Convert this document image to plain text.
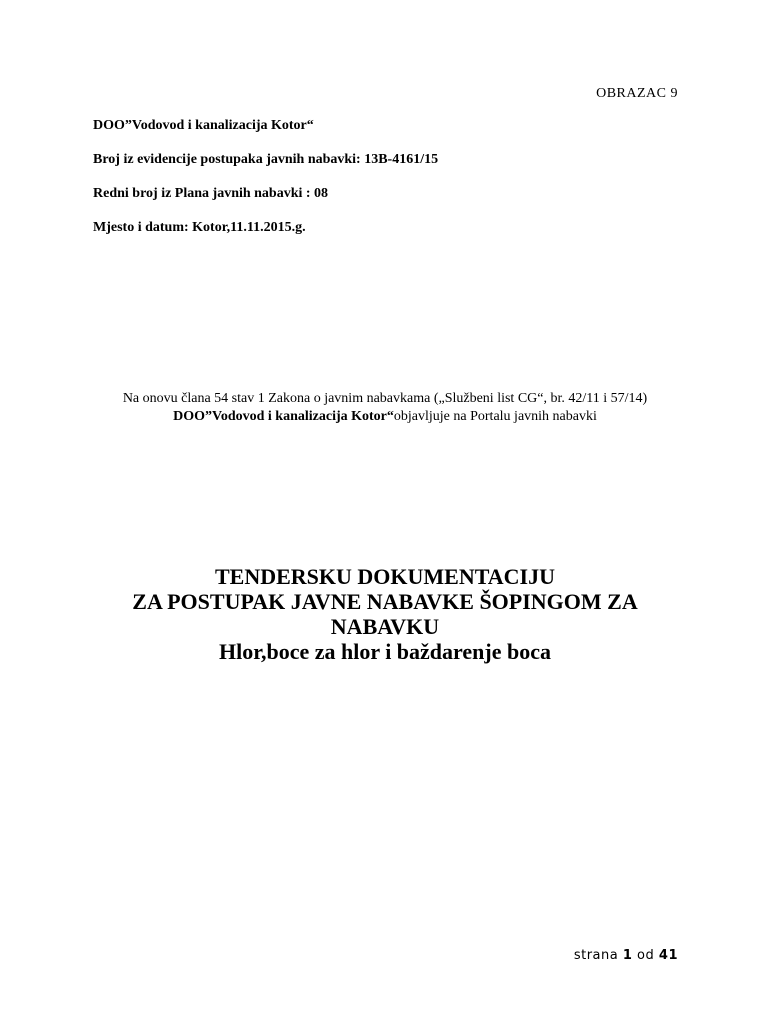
OBRAZAC 9
DOO”Vodovod i kanalizacija Kotor“
Broj iz evidencije postupaka javnih nabavki: 13B-4161/15
Redni broj iz Plana javnih nabavki : 08
Mjesto i datum: Kotor,11.11.2015.g.
Na onovu člana 54 stav 1 Zakona o javnim nabavkama („Službeni list CG“, br. 42/11 i 57/14)
DOO”Vodovod i kanalizacija Kotor“objavljuje na Portalu javnih nabavki
TENDERSKU DOKUMENTACIJU
ZA POSTUPAK JAVNE NABAVKE ŠOPINGOM ZA
NABAVKU
Hlor,boce za hlor i baždarenje boca
strana 1 od 41
